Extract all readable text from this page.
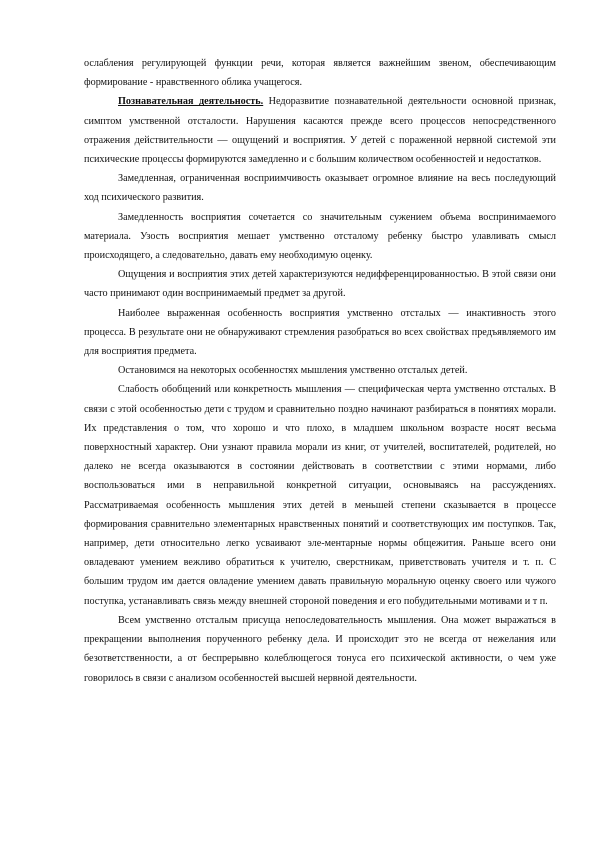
ослабления регулирующей функции речи, которая является важнейшим звеном, обеспечивающим формирование - нравственного облика учащегося.

Познавательная деятельность. Недоразвитие познавательной деятельности основной признак, симптом умственной отсталости. Нарушения касаются прежде всего процессов непосредственного отражения действительности — ощущений и восприятия. У детей с пораженной нервной системой эти психические процессы формируются замедленно и с большим количеством особенностей и недостатков.

Замедленная, ограниченная восприимчивость оказывает огромное влияние на весь последующий ход психического развития.

Замедленность восприятия сочетается со значительным сужением объема воспринимаемого материала. Узость восприятия мешает умственно отсталому ребенку быстро улавливать смысл происходящего, а следовательно, давать ему необходимую оценку.

Ощущения и восприятия этих детей характеризуются недифференцированностью. В этой связи они часто принимают один воспринимаемый предмет за другой.

Наиболее выраженная особенность восприятия умственно отсталых — инактивность этого процесса. В результате они не обнаруживают стремления разобраться во всех свойствах предъявляемого им для восприятия предмета.

Остановимся на некоторых особенностях мышления умственно отсталых детей.

Слабость обобщений или конкретность мышления — специфическая черта умственно отсталых. В связи с этой особенностью дети с трудом и сравнительно поздно начинают разбираться в понятиях морали. Их представления о том, что хорошо и что плохо, в младшем школьном возрасте носят весьма поверхностный характер. Они узнают правила морали из книг, от учителей, воспитателей, родителей, но далеко не всегда оказываются в состоянии действовать в соответствии с этими нормами, либо воспользоваться ими в неправильной конкретной ситуации, основываясь на рассуждениях. Рассматриваемая особенность мышления этих детей в меньшей степени сказывается в процессе формирования сравнительно элементарных нравственных понятий и соответствующих им поступков. Так, например, дети относительно легко усваивают эле-ментарные нормы общежития. Раньше всего они овладевают умением вежливо обратиться к учителю, сверстникам, приветствовать учителя и т. п. С большим трудом им дается овладение умением давать правильную моральную оценку своего или чужого поступка, устанавливать связь между внешней стороной поведения и его побудительными мотивами и т п.

Всем умственно отсталым присуща непоследовательность мышления. Она может выражаться в прекращении выполнения порученного ребенку дела. И происходит это не всегда от нежелания или безответственности, а от беспрерывно колеблющегося тонуса его психической активности, о чем уже говорилось в связи с анализом особенностей высшей нервной деятельности.
